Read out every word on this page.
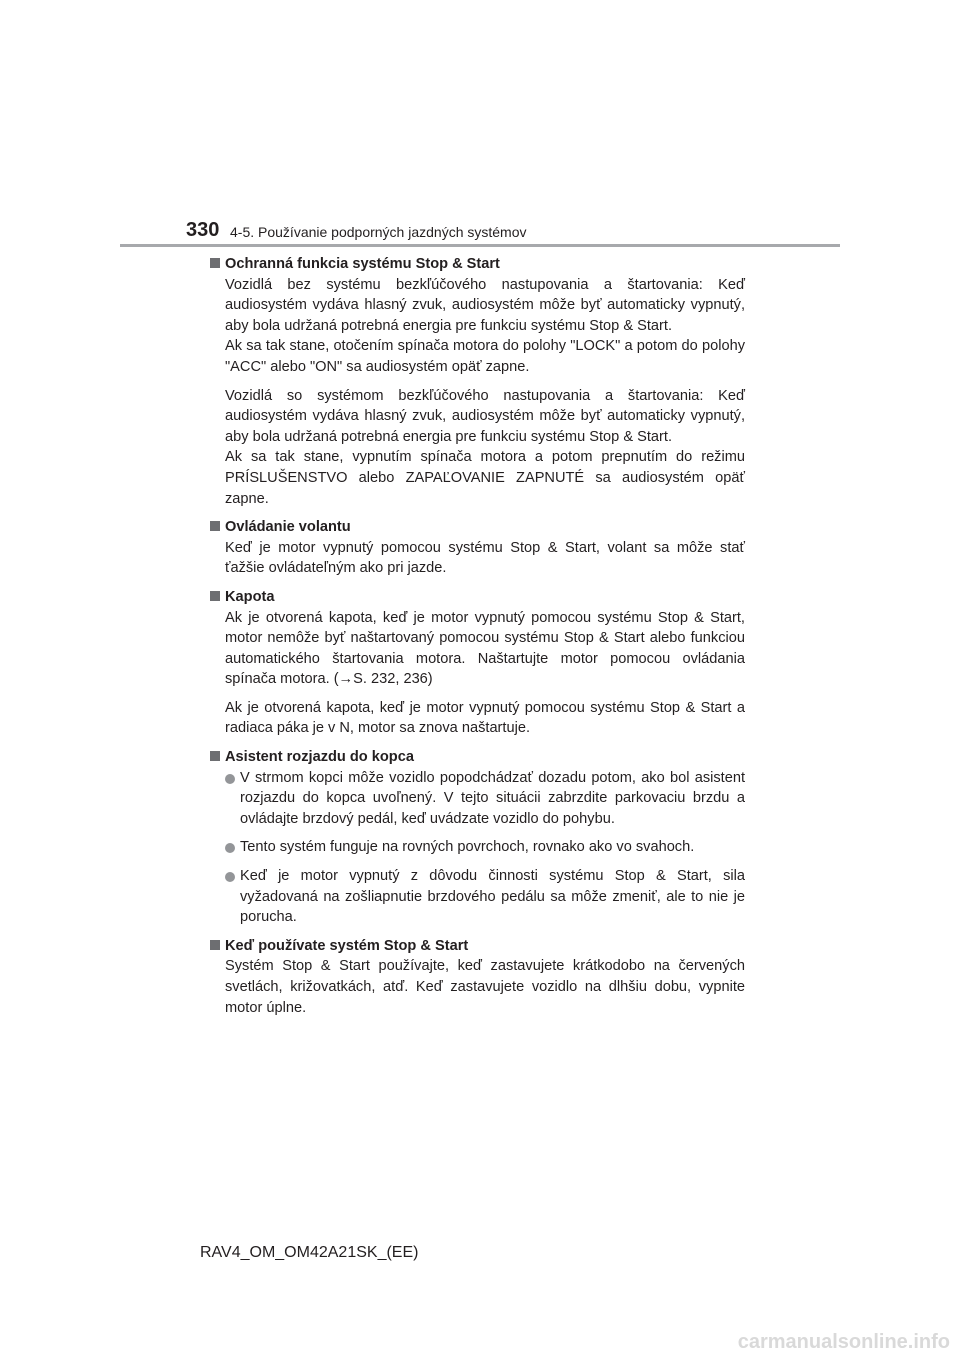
330 4-5. Používanie podporných jazdných systémov
Ochranná funkcia systému Stop & Start
Vozidlá bez systému bezkľúčového nastupovania a štartovania: Keď audiosystém vydáva hlasný zvuk, audiosystém môže byť automaticky vypnutý, aby bola udržaná potrebná energia pre funkciu systému Stop & Start.
Ak sa tak stane, otočením spínača motora do polohy "LOCK" a potom do polohy "ACC" alebo "ON" sa audiosystém opäť zapne.
Vozidlá so systémom bezkľúčového nastupovania a štartovania: Keď audiosystém vydáva hlasný zvuk, audiosystém môže byť automaticky vypnutý, aby bola udržaná potrebná energia pre funkciu systému Stop & Start.
Ak sa tak stane, vypnutím spínača motora a potom prepnutím do režimu PRÍSLUŠENSTVO alebo ZAPAĽOVANIE ZAPNUTÉ sa audiosystém opäť zapne.
Ovládanie volantu
Keď je motor vypnutý pomocou systému Stop & Start, volant sa môže stať ťažšie ovládateľným ako pri jazde.
Kapota
Ak je otvorená kapota, keď je motor vypnutý pomocou systému Stop & Start, motor nemôže byť naštartovaný pomocou systému Stop & Start alebo funkciou automatického štartovania motora. Naštartujte motor pomocou ovládania spínača motora. (→S. 232, 236)
Ak je otvorená kapota, keď je motor vypnutý pomocou systému Stop & Start a radiaca páka je v N, motor sa znova naštartuje.
Asistent rozjazdu do kopca
V strmom kopci môže vozidlo popodchádzať dozadu potom, ako bol asistent rozjazdu do kopca uvoľnený. V tejto situácii zabrzdite parkovaciu brzdu a ovládajte brzdový pedál, keď uvádzate vozidlo do pohybu.
Tento systém funguje na rovných povrchoch, rovnako ako vo svahoch.
Keď je motor vypnutý z dôvodu činnosti systému Stop & Start, sila vyžadovaná na zošliapnutie brzdového pedálu sa môže zmeniť, ale to nie je porucha.
Keď používate systém Stop & Start
Systém Stop & Start používajte, keď zastavujete krátkodobo na červených svetlách, križovatkách, atď. Keď zastavujete vozidlo na dlhšiu dobu, vypnite motor úplne.
RAV4_OM_OM42A21SK_(EE)
carmanualsonline.info
